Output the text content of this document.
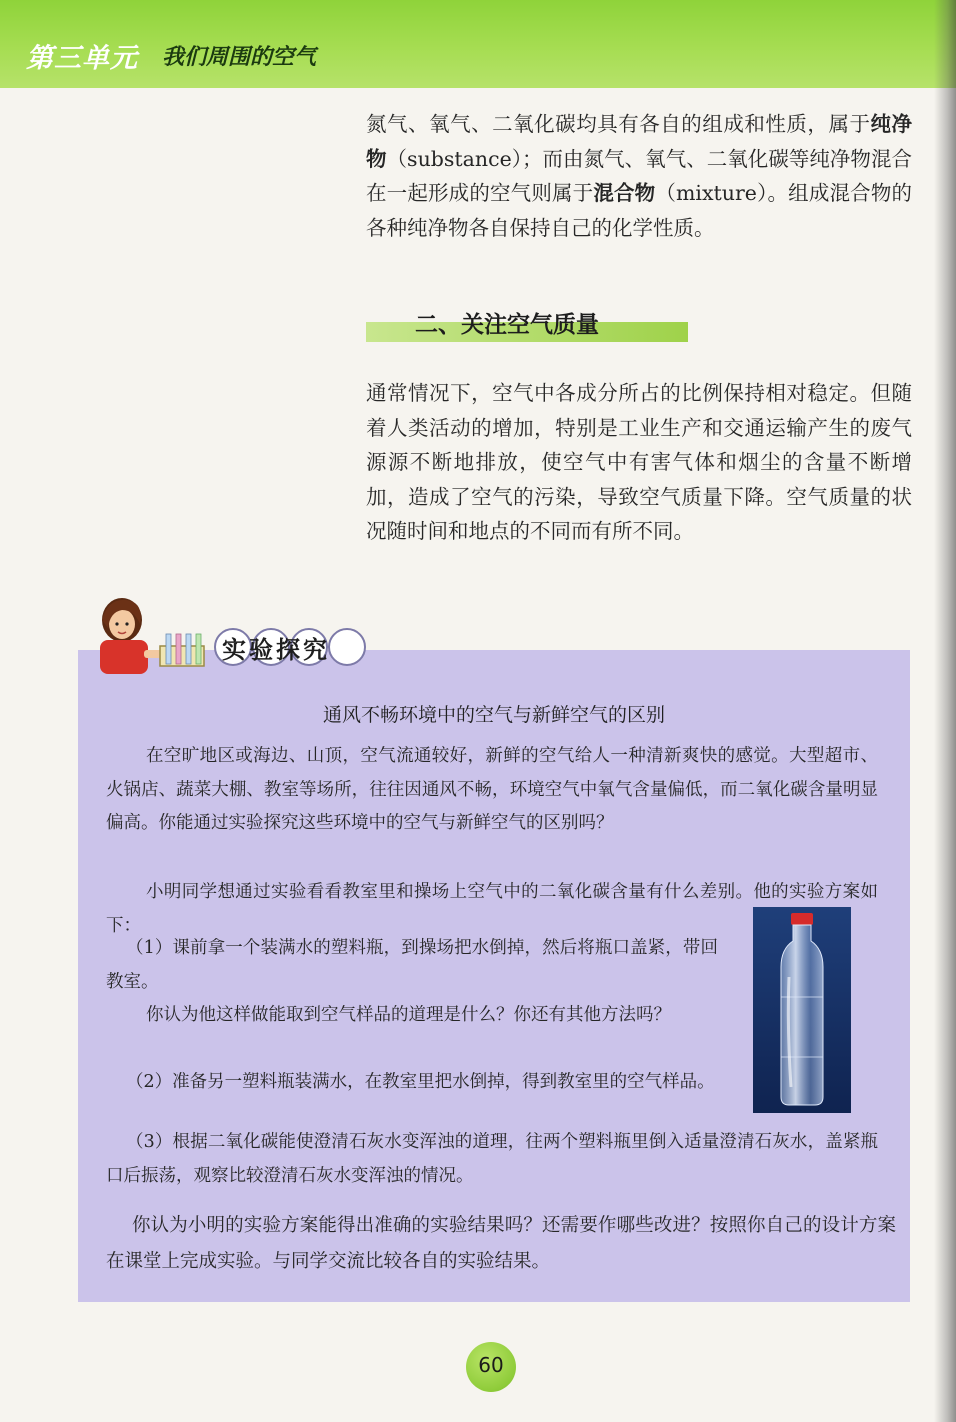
第三单元 我们周围的空气

氮气、氧气、二氧化碳均具有各自的组成和性质，属于纯净物（substance）；而由氮气、氧气、二氧化碳等纯净物混合在一起形成的空气则属于混合物（mixture）。组成混合物的各种纯净物各自保持自己的化学性质。

二、关注空气质量

通常情况下，空气中各成分所占的比例保持相对稳定。但随着人类活动的增加，特别是工业生产和交通运输产生的废气源源不断地排放，使空气中有害气体和烟尘的含量不断增加，造成了空气的污染，导致空气质量下降。空气质量的状况随时间和地点的不同而有所不同。

实验探究
通风不畅环境中的空气与新鲜空气的区别

在空旷地区或海边、山顶，空气流通较好，新鲜的空气给人一种清新爽快的感觉。大型超市、火锅店、蔬菜大棚、教室等场所，往往因通风不畅，环境空气中氧气含量偏低，而二氧化碳含量明显偏高。你能通过实验探究这些环境中的空气与新鲜空气的区别吗？

小明同学想通过实验看看教室里和操场上空气中的二氧化碳含量有什么差别。他的实验方案如下：

（1）课前拿一个装满水的塑料瓶，到操场把水倒掉，然后将瓶口盖紧，带回教室。

你认为他这样做能取到空气样品的道理是什么？你还有其他方法吗？

（2）准备另一塑料瓶装满水，在教室里把水倒掉，得到教室里的空气样品。

（3）根据二氧化碳能使澄清石灰水变浑浊的道理，往两个塑料瓶里倒入适量澄清石灰水，盖紧瓶口后振荡，观察比较澄清石灰水变浑浊的情况。

你认为小明的实验方案能得出准确的实验结果吗？还需要作哪些改进？按照你自己的设计方案在课堂上完成实验。与同学交流比较各自的实验结果。

60
